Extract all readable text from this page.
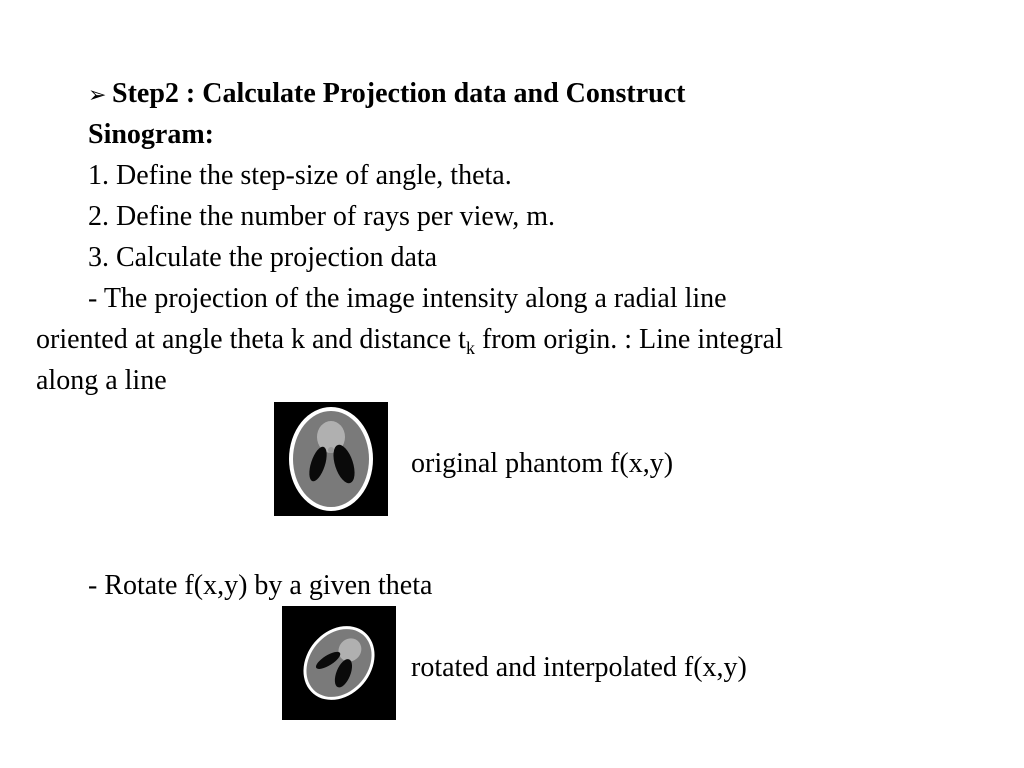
➢ Step2 : Calculate Projection data and Construct
Sinogram:
1. Define the step-size of angle, theta.
2. Define the number of rays per view, m.
3. Calculate the projection data
- The projection of the image intensity along a radial line
oriented at angle theta k and distance $t_k$ from origin. : Line integral
along a line
original phantom f(x,y)
- Rotate f(x,y) by a given theta
rotated and interpolated f(x,y)
